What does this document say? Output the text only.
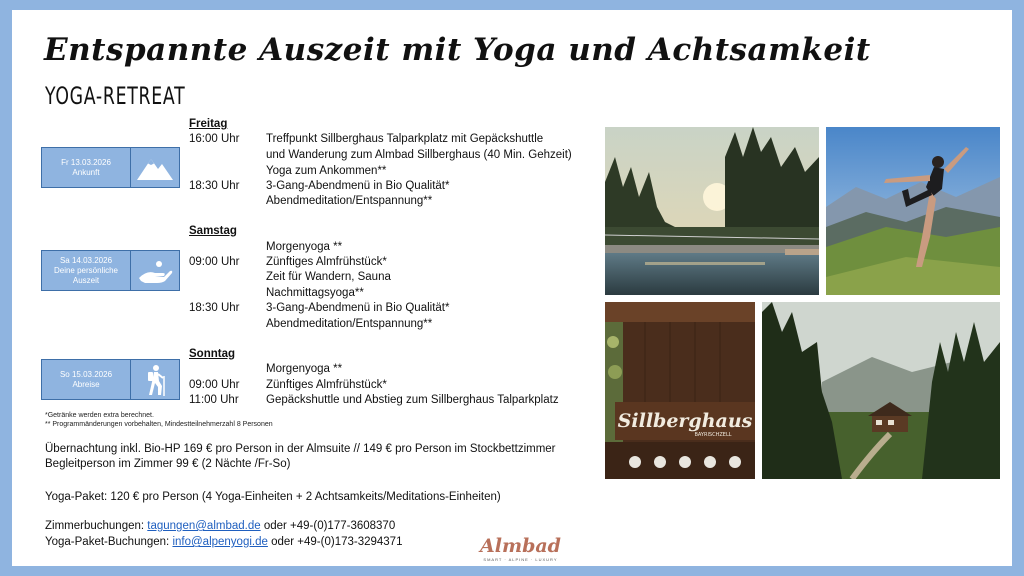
Entspannte Auszeit mit Yoga und Achtsamkeit
YOGA-RETREAT
Freitag
16:00 Uhr Treffpunkt Sillberghaus Talparkplatz mit Gepäckshuttle
und Wanderung zum Almbad Sillberghaus (40 Min. Gehzeit)
Yoga zum Ankommen**
18:30 Uhr 3-Gang-Abendmenü in Bio Qualität*
Abendmeditation/Entspannung**
Fr 13.03.2026
Ankunft
Samstag
Morgenyoga **
09:00 Uhr Zünftiges Almfrühstück*
Zeit für Wandern, Sauna
Nachmittagsyoga**
18:30 Uhr 3-Gang-Abendmenü in Bio Qualität*
Abendmeditation/Entspannung**
Sa 14.03.2026
Deine persönliche Auszeit
Sonntag
Morgenyoga **
09:00 Uhr Zünftiges Almfrühstück*
11:00 Uhr Gepäckshuttle und Abstieg zum Sillberghaus Talparkplatz
So 15.03.2026
Abreise
*Getränke werden extra berechnet.
** Programmänderungen vorbehalten, Mindestteilnehmerzahl 8 Personen
Übernachtung inkl. Bio-HP 169 € pro Person in der Almsuite // 149 € pro Person im Stockbettzimmer
Begleitperson im Zimmer 99 € (2 Nächte /Fr-So)
Yoga-Paket: 120 € pro Person (4 Yoga-Einheiten + 2 Achtsamkeits/Meditations-Einheiten)
Zimmerbuchungen: tagungen@almbad.de oder +49-(0)177-3608370
Yoga-Paket-Buchungen: info@alpenyogi.de oder +49-(0)173-3294371	Almbad
SMART · ALPINE · LUXURY
Sillberghaus
BAYRISCHZELL
